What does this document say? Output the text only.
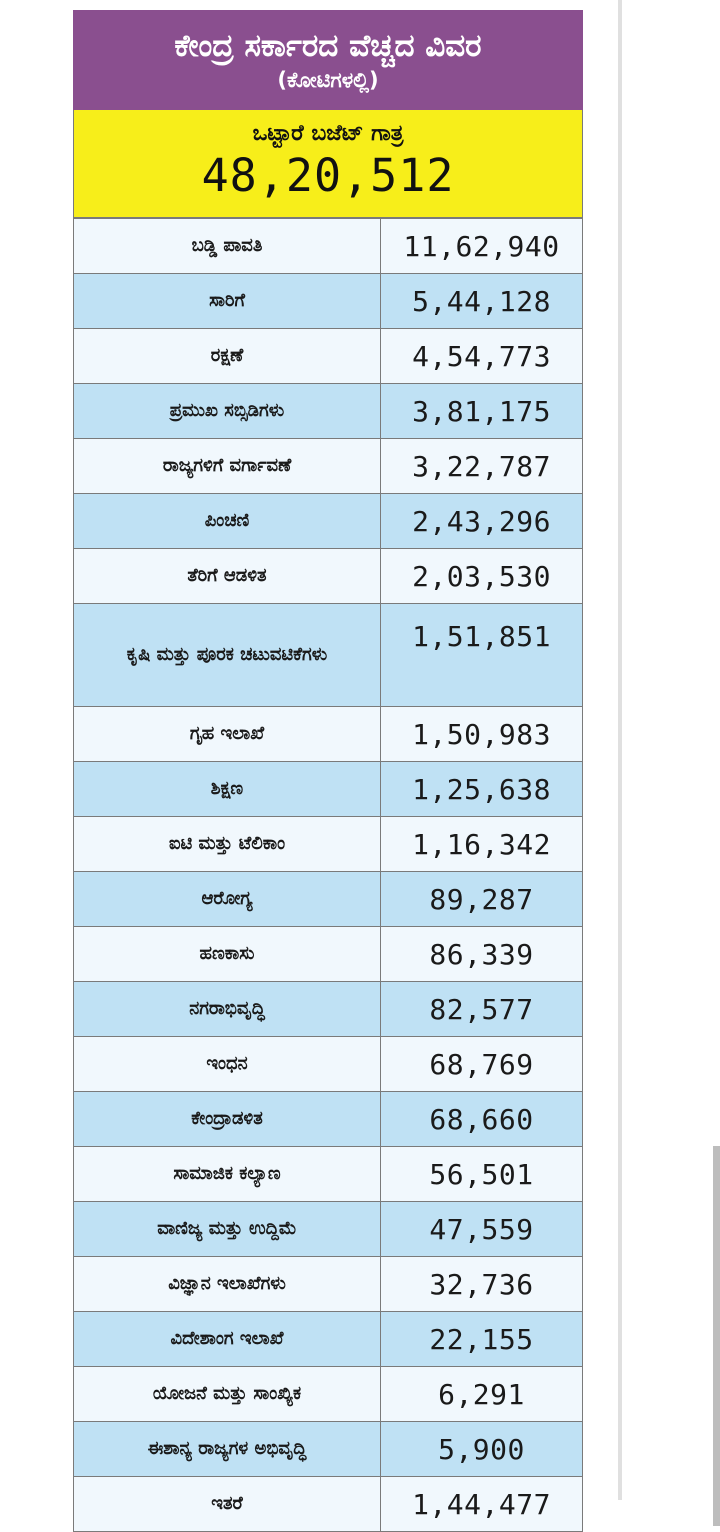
ಕೇಂದ್ರ ಸರ್ಕಾರದ ವೆಚ್ಚದ ವಿವರ
(ಕೋಟಿಗಳಲ್ಲಿ)
ಒಟ್ಟಾರೆ ಬಜೆಟ್ ಗಾತ್ರ
48,20,512
ಬಡ್ಡಿ ಪಾವತಿ	11,62,940
ಸಾರಿಗೆ	5,44,128
ರಕ್ಷಣೆ	4,54,773
ಪ್ರಮುಖ ಸಬ್ಸಿಡಿಗಳು	3,81,175
ರಾಜ್ಯಗಳಿಗೆ ವರ್ಗಾವಣೆ	3,22,787
ಪಿಂಚಣಿ	2,43,296
ತೆರಿಗೆ ಆಡಳಿತ	2,03,530
ಕೃಷಿ ಮತ್ತು ಪೂರಕ ಚಟುವಟಿಕೆಗಳು	1,51,851
ಗೃಹ ಇಲಾಖೆ	1,50,983
ಶಿಕ್ಷಣ	1,25,638
ಐಟಿ ಮತ್ತು ಟೆಲಿಕಾಂ	1,16,342
ಆರೋಗ್ಯ	89,287
ಹಣಕಾಸು	86,339
ನಗರಾಭಿವೃದ್ಧಿ	82,577
ಇಂಧನ	68,769
ಕೇಂದ್ರಾಡಳಿತ	68,660
ಸಾಮಾಜಿಕ ಕಲ್ಯಾಣ	56,501
ವಾಣಿಜ್ಯ ಮತ್ತು ಉದ್ದಿಮೆ	47,559
ವಿಜ್ಞಾನ ಇಲಾಖೆಗಳು	32,736
ವಿದೇಶಾಂಗ ಇಲಾಖೆ	22,155
ಯೋಜನೆ ಮತ್ತು ಸಾಂಖ್ಯಿಕ	6,291
ಈಶಾನ್ಯ ರಾಜ್ಯಗಳ ಅಭಿವೃದ್ಧಿ	5,900
ಇತರೆ	1,44,477
